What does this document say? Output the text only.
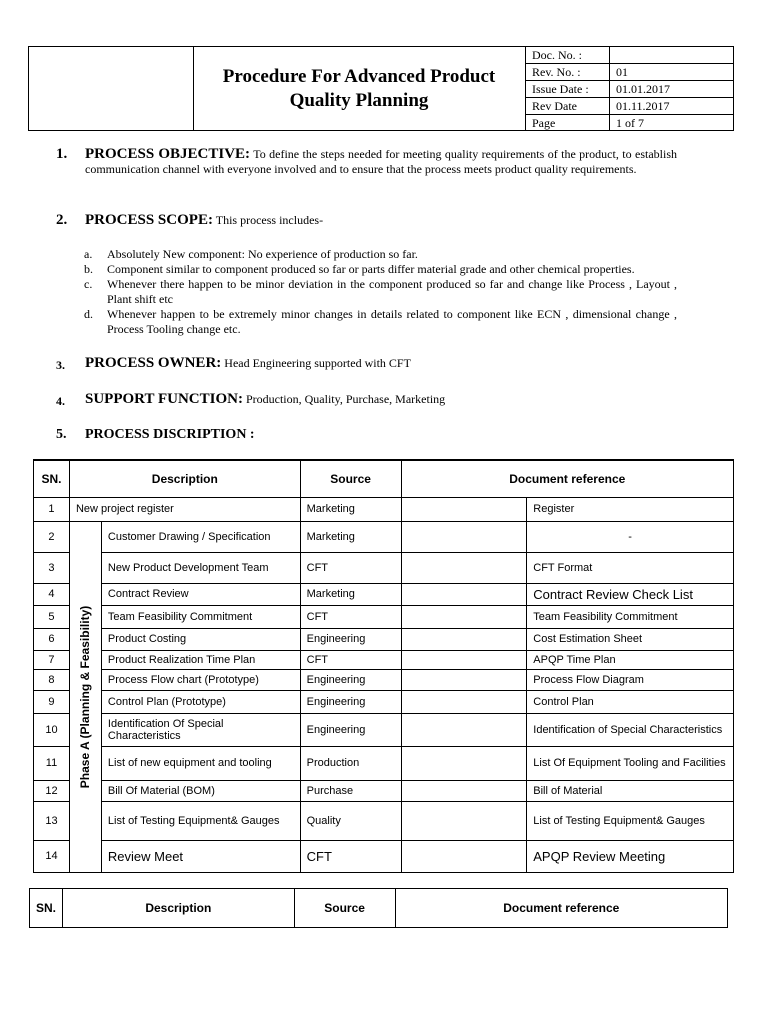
Procedure For Advanced Product Quality Planning
Doc. No. :
Rev. No. :	01
Issue Date :	01.01.2017
Rev Date	01.11.2017
Page	1 of 7
1. PROCESS OBJECTIVE: To define the steps needed for meeting quality requirements of the product, to establish communication channel with everyone involved and to ensure that the process meets product quality requirements.
2. PROCESS SCOPE: This process includes-
a. Absolutely New component: No experience of production so far.
b. Component similar to component produced so far or parts differ material grade and other chemical properties.
c. Whenever there happen to be minor deviation in the component produced so far and change like Process , Layout , Plant shift etc
d. Whenever happen to be extremely minor changes in details related to component like ECN , dimensional change , Process Tooling change etc.
3. PROCESS OWNER: Head Engineering supported with CFT
4. SUPPORT FUNCTION: Production, Quality, Purchase, Marketing
5. PROCESS DISCRIPTION :
SN.	Description		Source	Document reference	
1	New project register		Marketing		Register
2	Phase A (Planning & Feasibility)	Customer Drawing / Specification	Marketing		-
3		New Product Development Team	CFT		CFT Format
4		Contract Review	Marketing		Contract Review Check List
5		Team Feasibility Commitment	CFT		Team Feasibility Commitment
6		Product Costing	Engineering		Cost Estimation Sheet
7		Product Realization Time Plan	CFT		APQP Time Plan
8		Process Flow chart (Prototype)	Engineering		Process Flow Diagram
9		Control Plan (Prototype)	Engineering		Control Plan
10		Identification Of Special Characteristics	Engineering		Identification of Special Characteristics
11		List of new equipment and tooling	Production		List Of Equipment Tooling and Facilities
12		Bill Of Material (BOM)	Purchase		Bill of Material
13		List of Testing Equipment& Gauges	Quality		List of Testing Equipment& Gauges
14		Review Meet	CFT		APQP Review Meeting
SN.	Description	Source	Document reference
